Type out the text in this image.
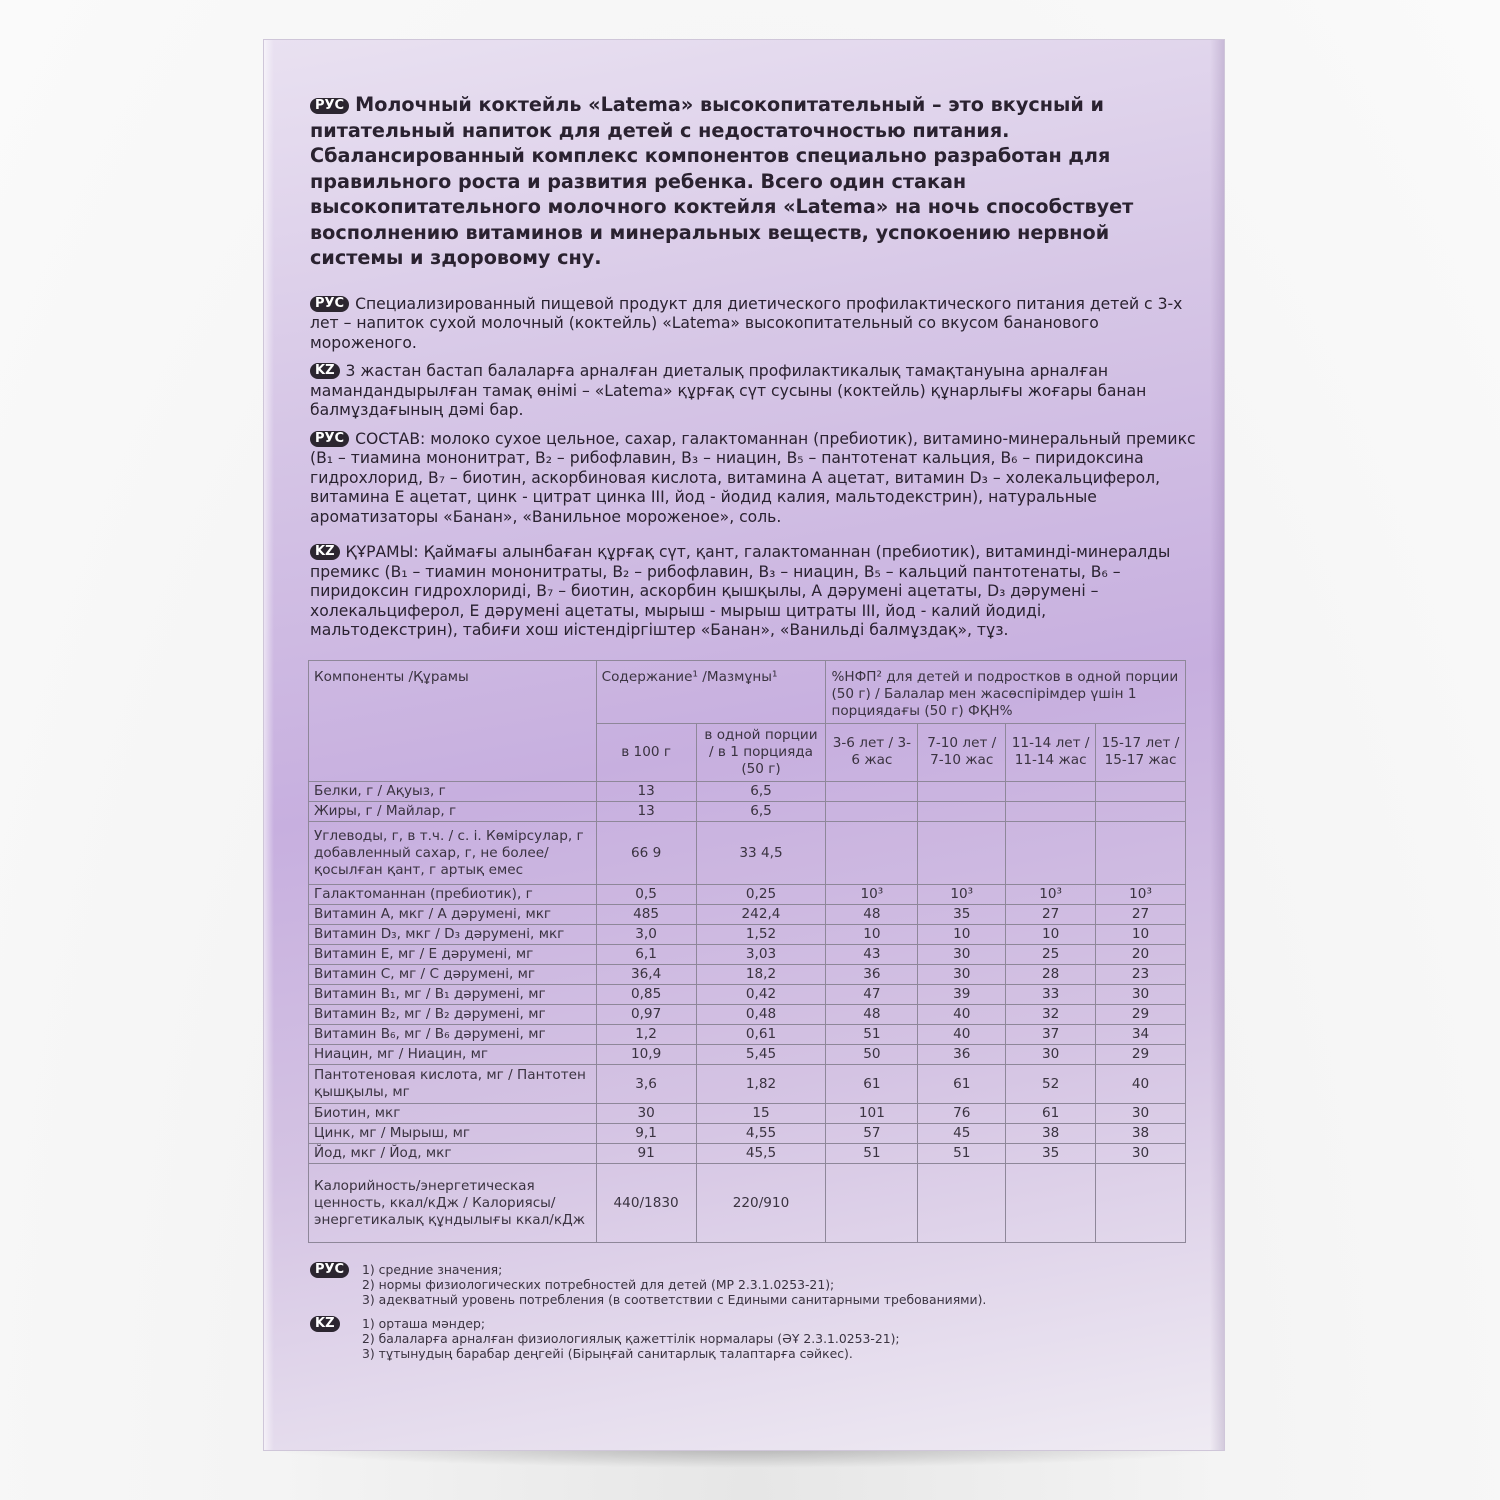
РУС Молочный коктейль «Latema» высокопитательный – это вкусный и питательный напиток для детей с недостаточностью питания. Сбалансированный комплекс компонентов специально разработан для правильного роста и развития ребенка. Всего один стакан высокопитательного молочного коктейля «Latema» на ночь способствует восполнению витаминов и минеральных веществ, успокоению нервной системы и здоровому сну.

РУС Специализированный пищевой продукт для диетического профилактического питания детей с 3-х лет – напиток сухой молочный (коктейль) «Latema» высокопитательный со вкусом бананового мороженого.

KZ 3 жастан бастап балаларға арналған диеталық профилактикалық тамақтануына арналған мамандандырылған тамақ өнімі – «Latema» құрғақ сүт сусыны (коктейль) құнарлығы жоғары банан балмұздағының дәмі бар.

РУС СОСТАВ: молоко сухое цельное, сахар, галактоманнан (пребиотик), витамино-минеральный премикс (B₁ – тиамина мононитрат, B₂ – рибофлавин, B₃ – ниацин, B₅ – пантотенат кальция, B₆ – пиридоксина гидрохлорид, B₇ – биотин, аскорбиновая кислота, витамина А ацетат, витамин D₃ – холекальциферол, витамина Е ацетат, цинк - цитрат цинка III, йод - йодид калия, мальтодекстрин), натуральные ароматизаторы «Банан», «Ванильное мороженое», соль.

KZ ҚҰРАМЫ: Қаймағы алынбаған құрғақ сүт, қант, галактоманнан (пребиотик), витаминді-минералды премикс (B₁ – тиамин мононитраты, B₂ – рибофлавин, B₃ – ниацин, B₅ – кальций пантотенаты, B₆ – пиридоксин гидрохлориді, B₇ – биотин, аскорбин қышқылы, А дәрумені ацетаты, D₃ дәрумені – холекальциферол, Е дәрумені ацетаты, мырыш - мырыш цитраты III, йод - калий йодиді, мальтодекстрин), табиғи хош иістендіргіштер «Банан», «Ванильді балмұздақ», тұз.

Компоненты /Құрамы	Содержание¹ /Мазмұны¹		%НФП² для детей и подростков в одной порции (50 г) / Балалар мен жасөспірімдер үшін 1 порциядағы (50 г) ФҚН%			
	в 100 г	в одной порции / в 1 порцияда (50 г)	3-6 лет / 3-6 жас	7-10 лет / 7-10 жас	11-14 лет / 11-14 жас	15-17 лет / 15-17 жас
Белки, г / Ақуыз, г	13	6,5				
Жиры, г / Майлар, г	13	6,5				
Углеводы, г, в т.ч. / с. і. Көмірсулар, г добавленный сахар, г, не более/ қосылған қант, г артық емес	66 9	33 4,5				
Галактоманнан (пребиотик), г	0,5	0,25	10³	10³	10³	10³
Витамин А, мкг / А дәрумені, мкг	485	242,4	48	35	27	27
Витамин D₃, мкг / D₃ дәрумені, мкг	3,0	1,52	10	10	10	10
Витамин Е, мг / Е дәрумені, мг	6,1	3,03	43	30	25	20
Витамин С, мг / С дәрумені, мг	36,4	18,2	36	30	28	23
Витамин B₁, мг / B₁ дәрумені, мг	0,85	0,42	47	39	33	30
Витамин B₂, мг / B₂ дәрумені, мг	0,97	0,48	48	40	32	29
Витамин B₆, мг / B₆ дәрумені, мг	1,2	0,61	51	40	37	34
Ниацин, мг / Ниацин, мг	10,9	5,45	50	36	30	29
Пантотеновая кислота, мг / Пантотен қышқылы, мг	3,6	1,82	61	61	52	40
Биотин, мкг	30	15	101	76	61	30
Цинк, мг / Мырыш, мг	9,1	4,55	57	45	38	38
Йод, мкг / Йод, мкг	91	45,5	51	51	35	30
Калорийность/энергетическая ценность, ккал/кДж / Калориясы/энергетикалық құндылығы ккал/кДж	440/1830	220/910				
РУС	1) средние значения;
2) нормы физиологических потребностей для детей (МР 2.3.1.0253-21);
3) адекватный уровень потребления (в соответствии с Едиными санитарными требованиями).
KZ	1) орташа мәндер;
2) балаларға арналған физиологиялық қажеттілік нормалары (ӘҰ 2.3.1.0253-21);
3) тұтынудың барабар деңгейі (Бірыңғай санитарлық талаптарға сәйкес).
